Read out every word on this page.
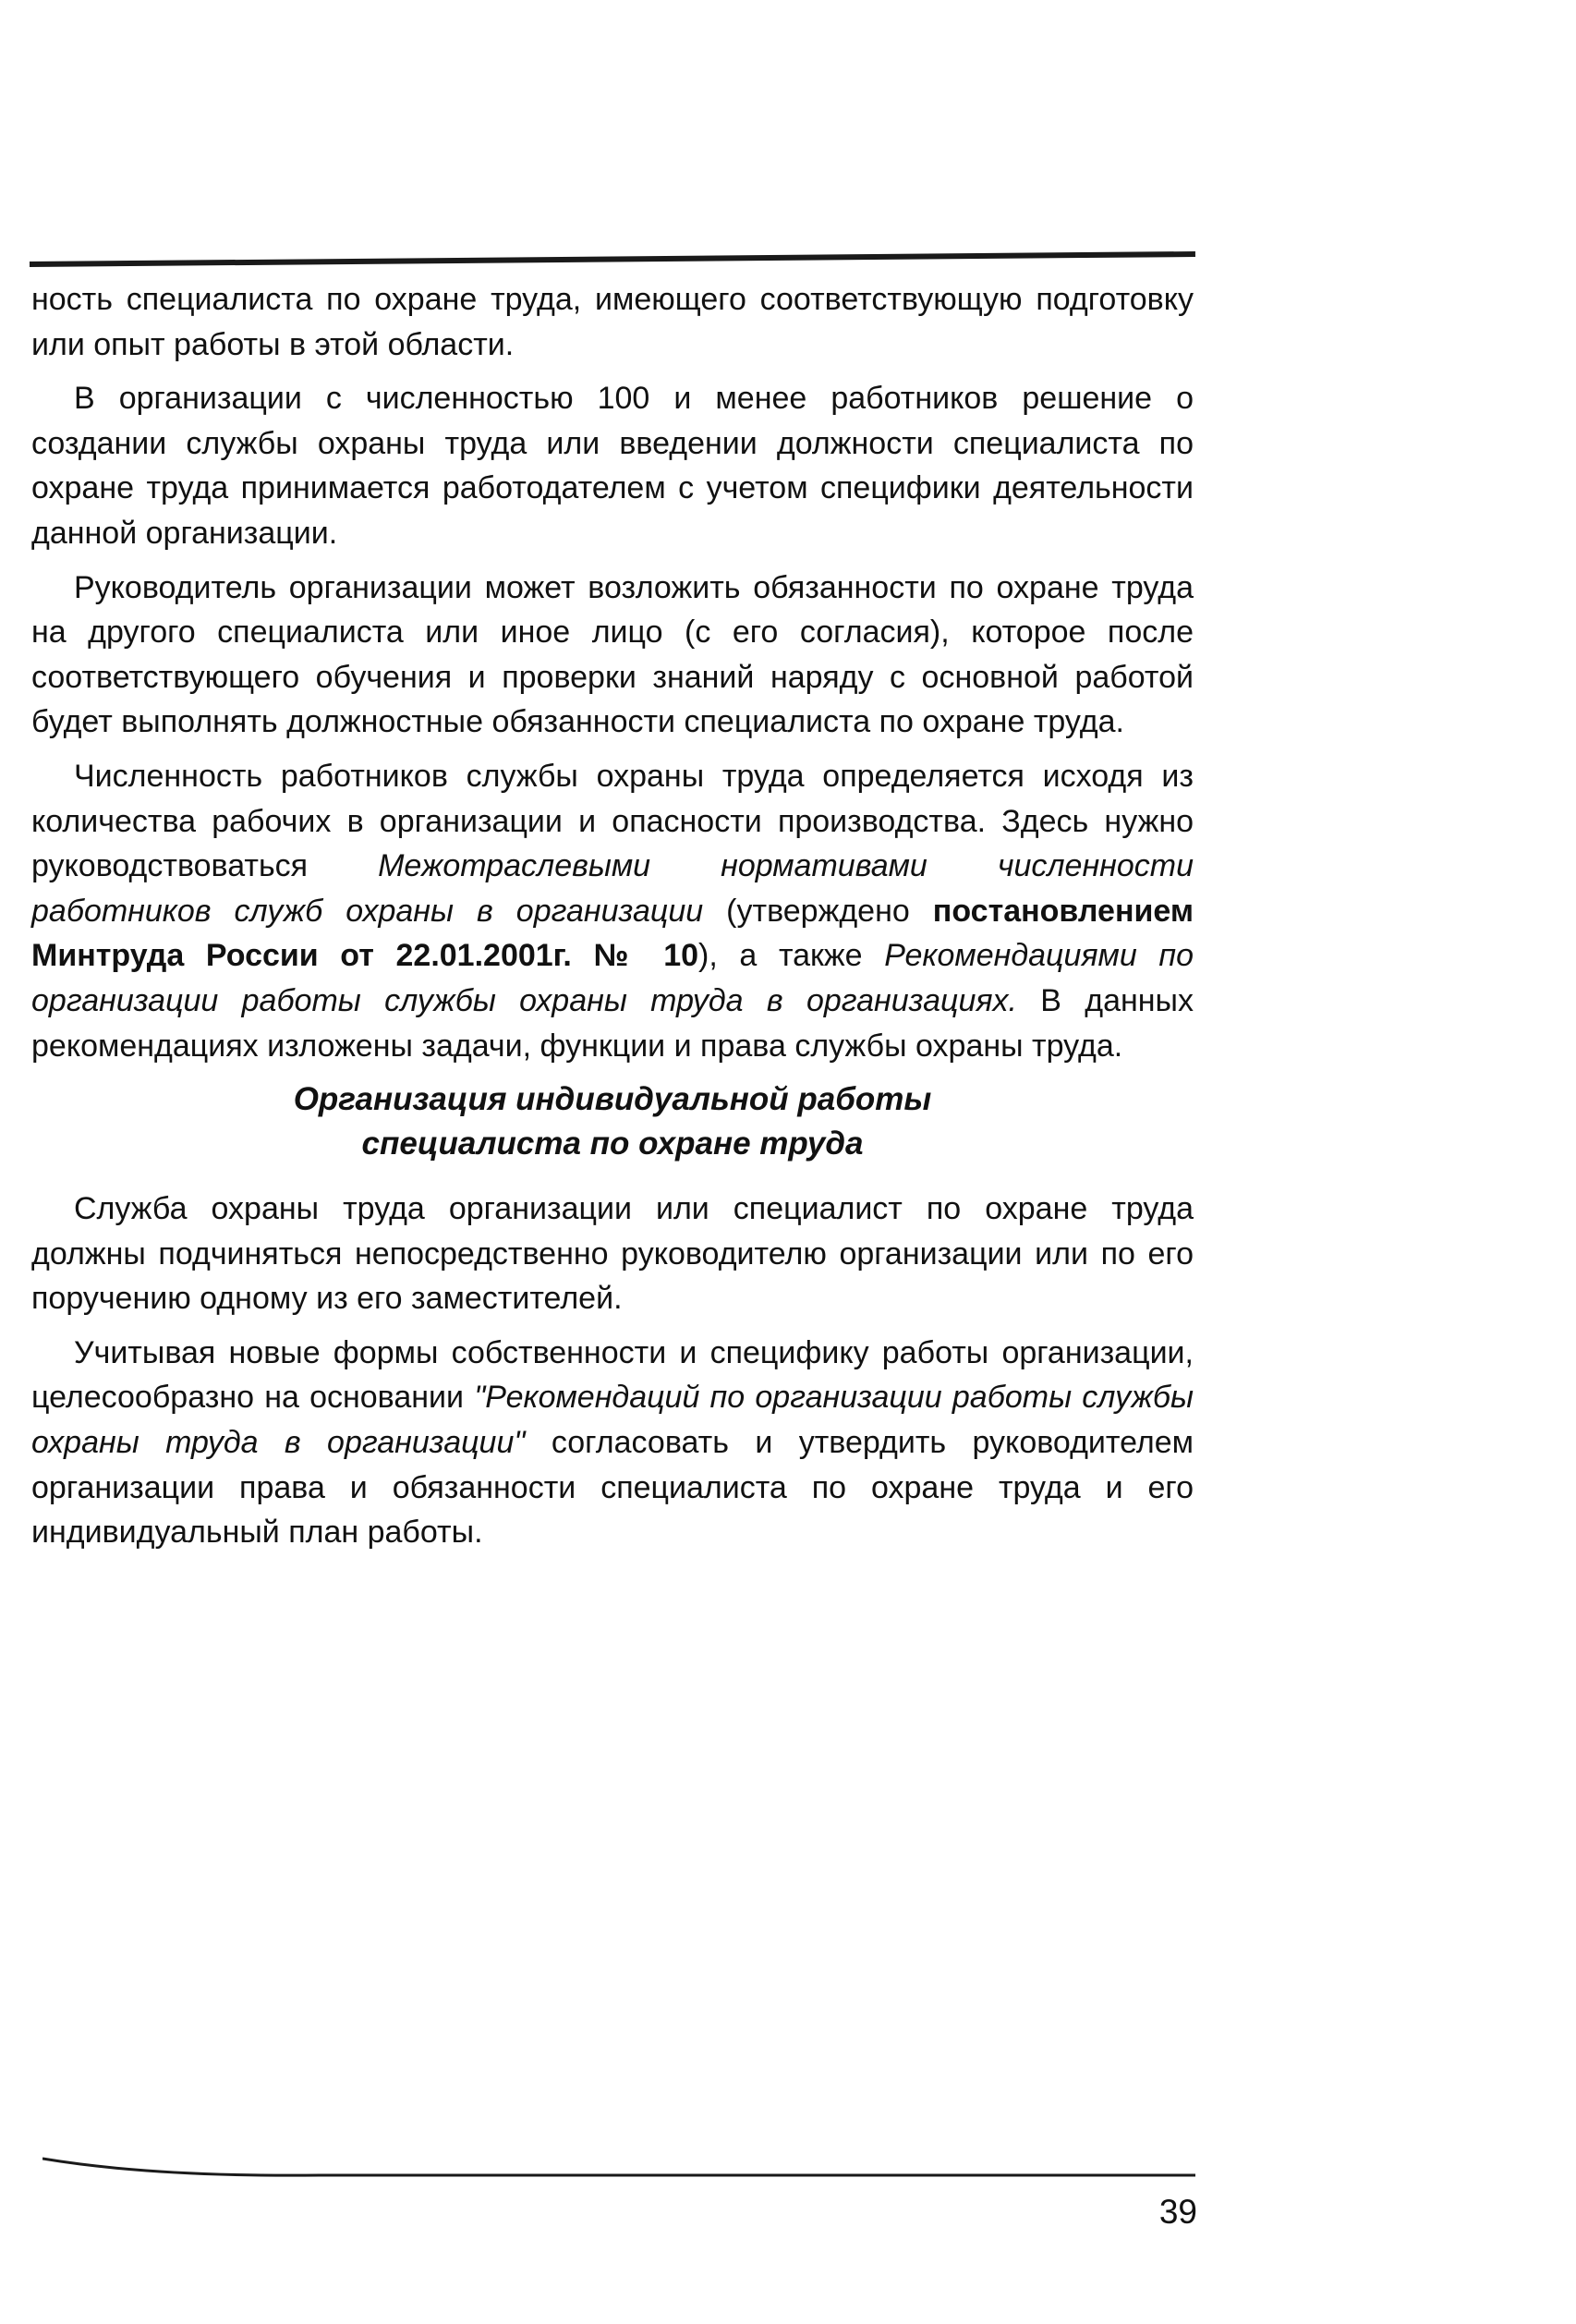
ность специалиста по охране труда, имеющего соответствующую подготовку или опыт работы в этой области.

В организации с численностью 100 и менее работников решение о создании службы охраны труда или введении должности специалиста по охране труда принимается работодателем с учетом специфики деятельности данной организации.

Руководитель организации может возложить обязанности по охране труда на другого специалиста или иное лицо (с его согласия), которое после соответствующего обучения и проверки знаний наряду с основной работой будет выполнять должностные обязанности специалиста по охране труда.

Численность работников службы охраны труда определяется исходя из количества рабочих в организации и опасности производства. Здесь нужно руководствоваться Межотраслевыми нормативами численности работников служб охраны в организации (утверждено постановлением Минтруда России от 22.01.2001г. № 10), а также Рекомендациями по организации работы службы охраны труда в организациях. В данных рекомендациях изложены задачи, функции и права службы охраны труда.

Организация индивидуальной работы
специалиста по охране труда

Служба охраны труда организации или специалист по охране труда должны подчиняться непосредственно руководителю организации или по его поручению одному из его заместителей.

Учитывая новые формы собственности и специфику работы организации, целесообразно на основании "Рекомендаций по организации работы службы охраны труда в организации" согласовать и утвердить руководителем организации права и обязанности специалиста по охране труда и его индивидуальный план работы.

39
